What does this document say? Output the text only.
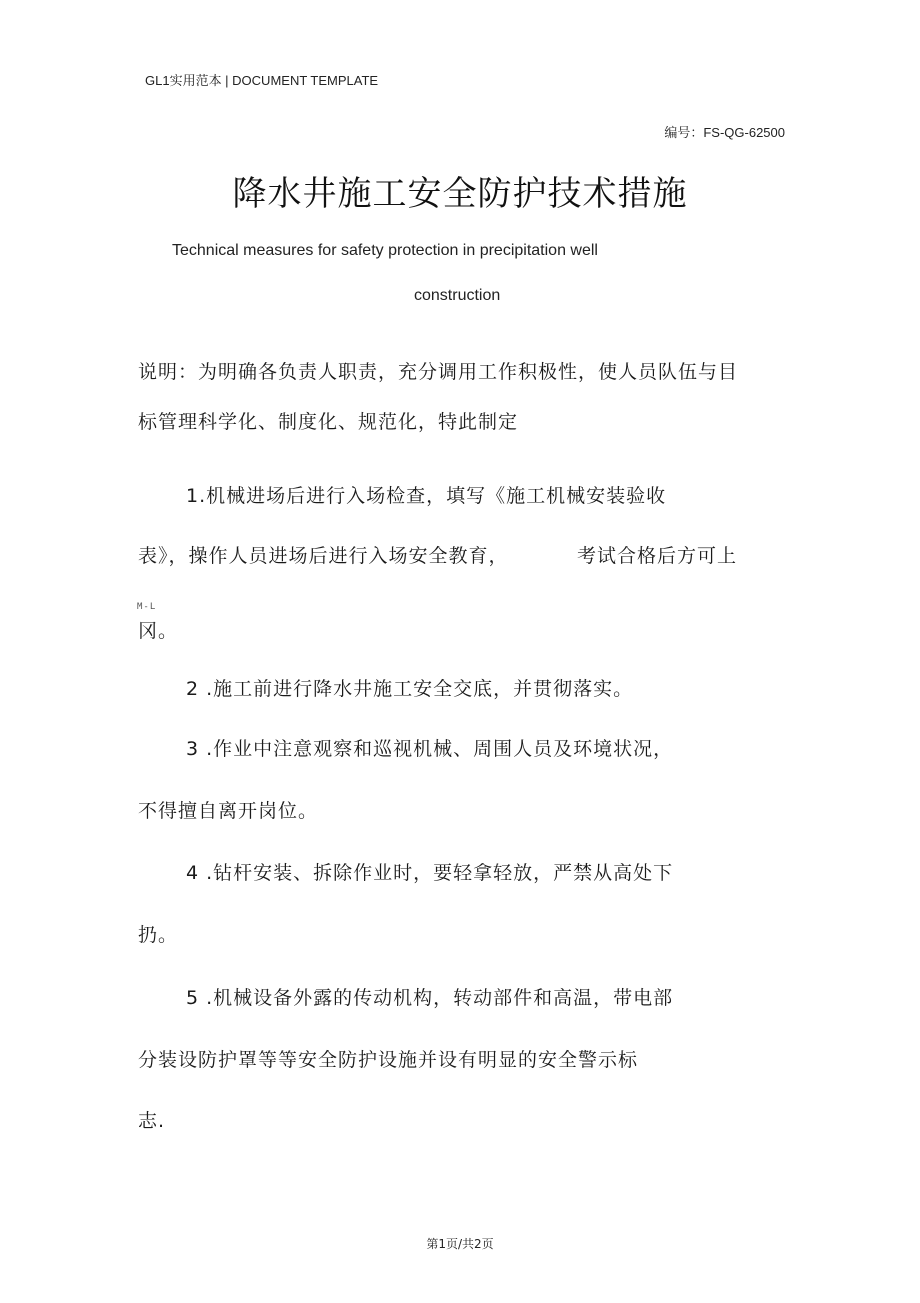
GL1实用范本 | DOCUMENT TEMPLATE
编号：FS-QG-62500
降水井施工安全防护技术措施
Technical measures for safety protection in precipitation well
construction
说明：为明确各负责人职责，充分调用工作积极性，使人员队伍与目
标管理科学化、制度化、规范化，特此制定
1.机械进场后进行入场检查，填写《施工机械安装验收
表》，操作人员进场后进行入场安全教育，	考试合格后方可上
M-L
冈。
2 .施工前进行降水井施工安全交底，并贯彻落实。
3 .作业中注意观察和巡视机械、周围人员及环境状况，
不得擅自离开岗位。
4 .钻杆安装、拆除作业时，要轻拿轻放，严禁从高处下
扔。
5 .机械设备外露的传动机构，转动部件和高温，带电部
分装设防护罩等等安全防护设施并设有明显的安全警示标
志.
第1页/共2页
